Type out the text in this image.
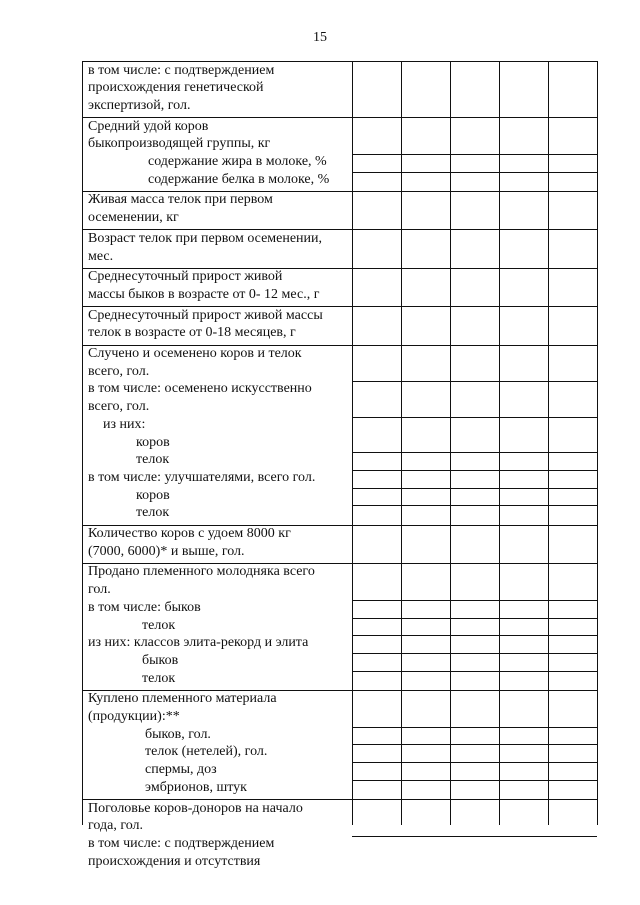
15
в том числе: с подтверждением
происхождения генетической
экспертизой, гол.
Средний удой коров
быкопроизводящей группы, кг
содержание жира в молоке, %
содержание белка в молоке, %
Живая масса телок при первом
осеменении, кг
Возраст телок при первом осеменении,
мес.
Среднесуточный прирост живой
массы быков в возрасте от 0- 12 мес., г
Среднесуточный прирост живой массы
телок в возрасте от 0-18 месяцев, г
Случено и осеменено коров и телок
всего, гол.
в том числе: осеменено искусственно
всего, гол.
из них:
коров
телок
в том числе: улучшателями, всего гол.
коров
телок
Количество коров с удоем 8000 кг
(7000, 6000)* и выше, гол.
Продано племенного молодняка всего
гол.
в том числе: быков
телок
из них: классов элита-рекорд и элита
быков
телок
Куплено племенного материала
(продукции):**
быков, гол.
телок (нетелей), гол.
спермы, доз
эмбрионов, штук
Поголовье коров-доноров на начало
года, гол.
в том числе: с подтверждением
происхождения и отсутствия
